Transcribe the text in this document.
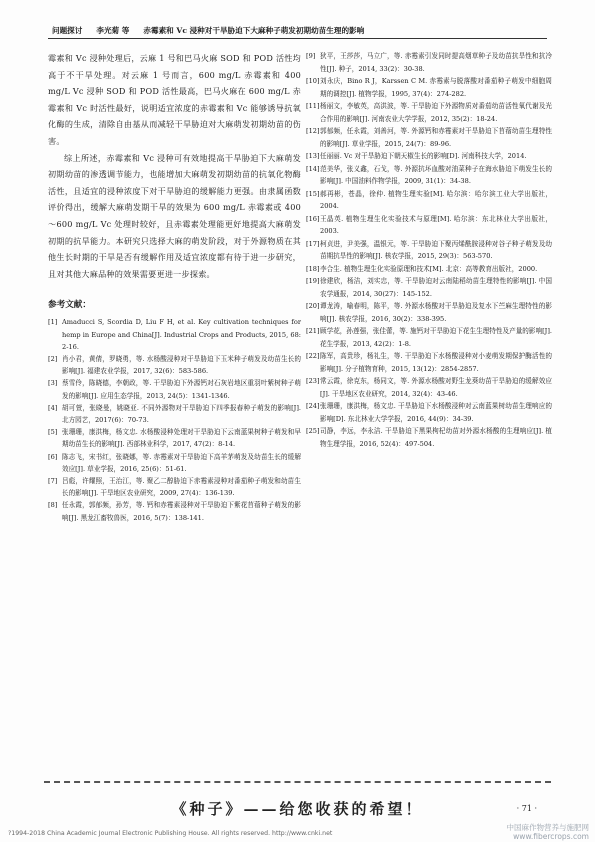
问题探讨 李光菊 等 赤霉素和 Vc 浸种对干旱胁迫下大麻种子萌发初期幼苗生理的影响

霉素和 Vc 浸种处理后，云麻 1 号和巴马火麻 SOD 和 POD 活性均高于不干旱处理。对云麻 1 号而言，600 mg/L 赤霉素和 400 mg/L Vc 浸种 SOD 和 POD 活性最高，巴马火麻在 600 mg/L 赤霉素和 Vc 时活性最好，说明适宜浓度的赤霉素和 Vc 能够诱导抗氧化酶的生成，清除自由基从而减轻干旱胁迫对大麻萌发初期幼苗的伤害。

综上所述，赤霉素和 Vc 浸种可有效地提高干旱胁迫下大麻萌发初期幼苗的渗透调节能力，也能增加大麻萌发初期幼苗的抗氧化物酶活性，且适宜的浸种浓度下对干旱胁迫的缓解能力更强。由隶属函数评价得出，缓解大麻萌发期干旱的效果为 600 mg/L 赤霉素或 400～600 mg/L Vc 处理时较好，且赤霉素处理能更好地提高大麻萌发初期的抗旱能力。本研究只选择大麻的萌发阶段，对于外源物质在其他生长时期的干旱是否有缓解作用及适宜浓度都有待于进一步研究，且对其他大麻品种的效果需要更进一步探索。

参考文献：
[1] Amaducci S, Scordia D, Liu F H, et al. Key cultivation techniques for hemp in Europe and China[J]. Industrial Crops and Products, 2015, 68: 2-16.
[2] 肖小君，黄倩，罗晓勇，等. 水杨酸浸种对干旱胁迫下玉米种子萌发及幼苗生长的影响[J]. 福建农业学报，2017, 32(6)：583-586.
[3] 蔡雪伶，陈晓德，李朝政，等. 干旱胁迫下外源钙对石灰岩地区重羽叶紫树种子萌发的影响[J]. 应用生态学报，2013, 24(5)：1341-1346.
[4] 胡可萱，张晓曼，姚晓亚. 不同外源物对干旱胁迫下四季报春种子萌发的影响[J]. 北方园艺，2017(6)：70-73.
[5] 张珊珊，康洪梅，杨文忠. 水杨酸浸种处理对干旱胁迫下云南蓝果树种子萌发和早期幼苗生长的影响[J]. 西部林业科学，2017, 47(2)：8-14.
[6] 陈志飞，宋书红，张晓娜，等. 赤霉素对干旱胁迫下高羊茅萌发及幼苗生长的缓解效应[J]. 草业学报，2016, 25(6)：51-61.
[7] 吕彪，许耀照，王治江，等. 聚乙二醇胁迫下赤霉素浸种对番茄种子萌发和幼苗生长的影响[J]. 干旱地区农业研究，2009, 27(4)：136-139.
[8] 任永霞，郭郁频，孙芳，等. 钙和赤霉素浸种对干旱胁迫下紫花苜蓿种子萌发的影响[J]. 黑龙江畜牧兽医，2016, 5(7)：138-141.
[9] 狄平，王莎莎，马立广，等. 赤霉素引发同时提高烟草种子及幼苗抗旱性和抗冷性[J]. 种子，2014, 33(2)：30-38.
[10] 刘永庆，Bino R J，Karssen C M. 赤霉素与脱落酸对番茄种子萌发中细胞周期的调控[J]. 植物学报，1995, 37(4)：274-282.
[11] 杨丽文，李敏英，高洪波，等. 干旱胁迫下外源物质对番茄幼苗活性氧代谢及光合作用的影响[J]. 河南农业大学学报，2012, 35(2)：18-24.
[12] 郭郁频，任永霞，刘善河，等. 外源钙和赤霉素对干旱胁迫下苜蓿幼苗生理特性的影响[J]. 草业学报，2015, 24(7)：89-96.
[13] 任丽丽. Vc 对干旱胁迫下朝天椒生长的影响[D]. 河南科技大学，2014.
[14] 范美华，张义鑫，石戈，等. 外源抗坏血酸对油菜种子在海水胁迫下萌发生长的影响[J]. 中国油料作物学报，2009, 31(1)：34-38.
[15] 郝再彬，苍晶，徐仲. 植物生理实验[M]. 哈尔滨：哈尔滨工业大学出版社，2004.
[16] 王晶英. 植物生理生化实验技术与原理[M]. 哈尔滨：东北林业大学出版社，2003.
[17] 柯贞进，尹美强，温银元，等. 干旱胁迫下聚丙烯酰胺浸种对谷子种子萌发及幼苗期抗旱性的影响[J]. 核农学报，2015, 29(3)：563-570.
[18] 李合生. 植物生理生化实验原理和技术[M]. 北京：高等教育出版社，2000.
[19] 徐建欣，杨洁，刘实忠，等. 干旱胁迫对云南陆稻幼苗生理特性的影响[J]. 中国农学通报，2014, 30(27)：145-152.
[20] 谭龙涛，喻春明，陈平，等. 外源水杨酸对干旱胁迫及复水下苎麻生理特性的影响[J]. 核农学报，2016, 30(2)：338-395.
[21] 顾学花，孙莲强，张佳蕾，等. 施钙对干旱胁迫下花生生理特性及产量的影响[J]. 花生学报，2013, 42(2)：1-8.
[22] 陈军，高贵珍，杨礼生，等. 干旱胁迫下水杨酸浸种对小麦萌发期保护酶活性的影响[J]. 分子植物育种，2015, 13(12)：2854-2857.
[23] 常云霞，徐克东，杨同文，等. 外源水杨酸对野生龙葵幼苗干旱胁迫的缓解效应[J]. 干旱地区农业研究，2014, 32(4)：43-46.
[24] 张珊珊，康洪梅，杨文忠. 干旱胁迫下水杨酸浸种对云南蓝果树幼苗生理响应的影响[D]. 东北林业大学学报，2016, 44(9)：34-39.
[25] 司静，李远，李永洁. 干旱胁迫下黑果枸杞幼苗对外源水杨酸的生理响应[J]. 植物生理学报，2016, 52(4)：497-504.
《种子》——给您收获的希望！	· 71 ·
?1994-2018 China Academic Journal Electronic Publishing House. All rights reserved. http://www.cnki.net
中国麻作物营养与施肥网
www.fibercrops.com
